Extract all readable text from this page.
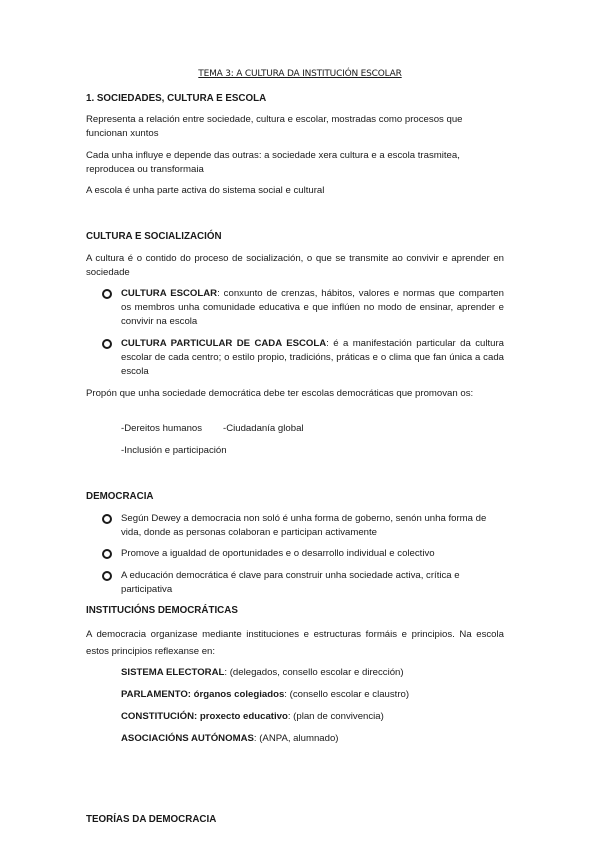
TEMA 3: A CULTURA DA INSTITUCIÓN ESCOLAR
1. SOCIEDADES, CULTURA E ESCOLA

Representa a relación entre sociedade, cultura e escolar, mostradas como procesos que funcionan xuntos

Cada unha influye e depende das outras: a sociedade xera cultura e a escola trasmitea, reproducea ou transformaia

A escola é unha parte activa do sistema social e cultural

CULTURA E SOCIALIZACIÓN

A cultura é o contido do proceso de socialización, o que se transmite ao convivir e aprender en sociedade

CULTURA ESCOLAR: conxunto de crenzas, hábitos, valores e normas que comparten os membros unha comunidade educativa e que inflúen no modo de ensinar, aprender e convivir na escola
CULTURA PARTICULAR DE CADA ESCOLA: é a manifestación particular da cultura escolar de cada centro; o estilo propio, tradicións, práticas e o clima que fan única a cada escola

Propón que unha sociedade democrática debe ter escolas democráticas que promovan os:

-Dereitos humanos -Ciudadanía global
-Inclusión e participación
DEMOCRACIA
Según Dewey a democracia non soló é unha forma de goberno, senón unha forma de vida, donde as personas colaboran e participan activamente
Promove a igualdad de oportunidades e o desarrollo individual e colectivo
A educación democrática é clave para construir unha sociedade activa, crítica e participativa
INSTITUCIÓNS DEMOCRÁTICAS

A democracia organizase mediante instituciones e estructuras formáis e principios. Na escola estos principios reflexanse en:

SISTEMA ELECTORAL: (delegados, consello escolar e dirección)
PARLAMENTO: órganos colegiados: (consello escolar e claustro)
CONSTITUCIÓN: proxecto educativo: (plan de convivencia)
ASOCIACIÓNS AUTÓNOMAS: (ANPA, alumnado)
TEORÍAS DA DEMOCRACIA
